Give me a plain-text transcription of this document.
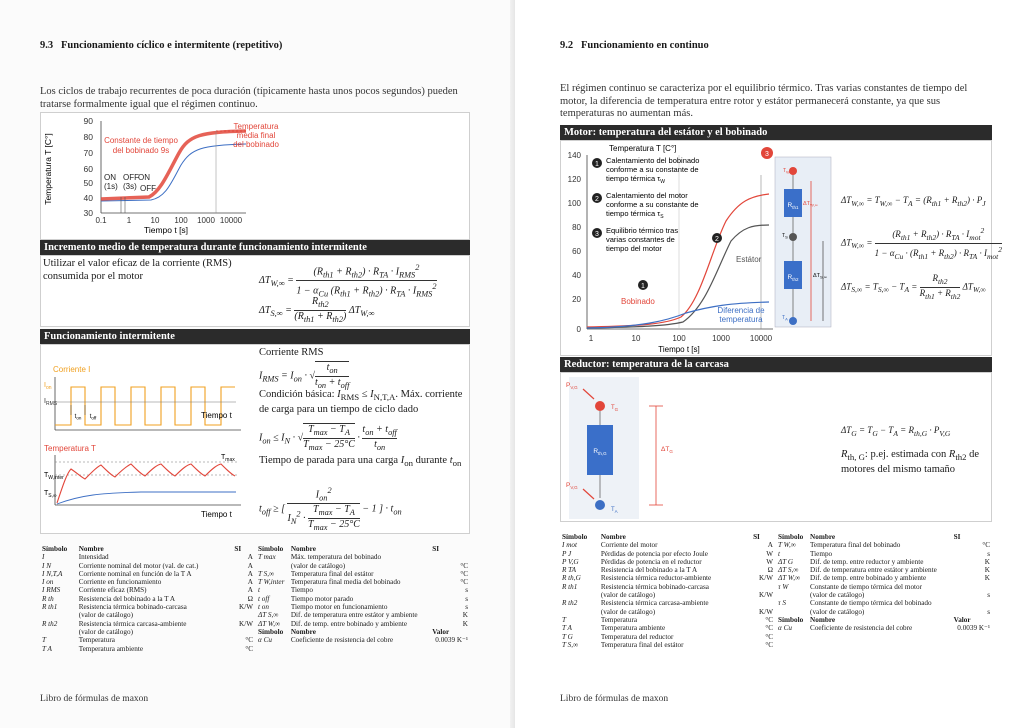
9.3 Funcionamiento cíclico e intermitente (repetitivo)
Los ciclos de trabajo recurrentes de poca duración (típicamente hasta unos pocos segundos) pueden tratarse formalmente igual que el régimen continuo.
Temperatura T [C°]
90
80
70
60
50
40
30
0.1	1 10 100 1000 10000
Tiempo t [s]
Constante de tiempo del bobinado 9s
Temperatura media final del bobinado
ON OFFON (1s) (3s) OFF
Incremento medio de temperatura durante funcionamiento intermitente
Utilizar el valor eficaz de la corriente (RMS) consumida por el motor	$\Delta T_{W,\infty} = \frac{(R_{th1} + R_{th2}) \cdot R_{TA} \cdot I_{RMS}^2}{1 - \alpha_{Cu} (R_{th1} + R_{th2}) \cdot R_{TA} \cdot I_{RMS}^2}$
$\Delta T_{S,\infty} = \frac{R_{th2}}{(R_{th1} + R_{th2})} \Delta T_{W,\infty}$
Funcionamiento intermitente
Corriente I
$I_{on}$
$I_{RMS}$
$t_{on}$ $t_{off}$	Tiempo t
Temperatura T
$T_{max}$
$T_{W,inter}$
$T_{S,\infty}$
Tiempo t
Corriente RMS
$I_{RMS} = I_{on}$ · √ $\frac{t_{on}}{t_{on} + t_{off}}$
Condición básica: $I_{RMS} \le I_{N,T,A}$. Máx. corriente de carga para un tiempo de ciclo dado
$I_{on} \le I_N$ · √ $\frac{T_{max} - T_A}{T_{max} - 25^\circ C} \cdot \frac{t_{on} + t_{off}}{t_{on}}$
Tiempo de parada para una carga $I_{on}$ durante $t_{on}$
$t_{off}$ ≥ [ $\frac{I_{on}^2}{I_N^2 \cdot \frac{T_{max} - T_A}{T_{max} - 25^\circ C}} - 1$ ] · $t_{on}$
Símbolo	Nombre	SI
I	Intensidad	A
I N	Corriente nominal del motor (val. de cat.)	A
I N,T,A	Corriente nominal en función de la T A	A
I on	Corriente en funcionamiento	A
I RMS	Corriente eficaz (RMS)	A
R th	Resistencia del bobinado a la T A	Ω
R th1	Resistencia térmica bobinado-carcasa	K/W
	(valor de catálogo)	
R th2	Resistencia térmica carcasa-ambiente	K/W
	(valor de catálogo)	
T	Temperatura	°C
T A	Temperatura ambiente	°C
Símbolo	Nombre	SI
T max	Máx. temperatura del bobinado	
	(valor de catálogo)	°C
T S,∞	Temperatura final del estátor	°C
T W,inter	Temperatura final media del bobinado	°C
t	Tiempo	s
t off	Tiempo motor parado	s
t on	Tiempo motor en funcionamiento	s
ΔT S,∞	Dif. de temperatura entre estátor y ambiente	K
ΔT W,∞	Dif. de temp. entre bobinado y ambiente	K
Símbolo	Nombre	Valor
α Cu	Coeficiente de resistencia del cobre	0.0039 K⁻¹
Libro de fórmulas de maxon
9.2 Funcionamiento en continuo
El régimen continuo se caracteriza por el equilibrio térmico. Tras varias constantes de tiempo del motor, la diferencia de temperatura entre rotor y estátor permanecerá constante, ya que sus temperaturas no aumentan más.
Motor: temperatura del estátor y el bobinado
Temperatura T [C°]
140
120
100
80
60
40
20
0
1	10	100	1000 10000
Tiempo t [s]
1 Calentamiento del bobinado conforme a su constante de tiempo térmica $\tau_W$
2 Calentamiento del motor conforme a su constante de tiempo térmica $\tau_S$
3 Equilibrio térmico tras varias constantes de tiempo del motor
1
2
3
Bobinado
Estátor
Diferencia de temperatura
$R_{th1}$
$R_{th2}$
$T_W$
$T_S$
$T_A$
$\Delta T_{W,\infty}$
$\Delta T_{S,\infty}$
$\Delta T_{W,\infty} = T_{W,\infty} - T_A = (R_{th1} + R_{th2}) \cdot P_J$
$\Delta T_{W,\infty} = \frac{(R_{th1} + R_{th2}) \cdot R_{TA} \cdot I_{mot}^2}{1 - \alpha_{Cu} \cdot (R_{th1} + R_{th2}) \cdot R_{TA} \cdot I_{mot}^2}$
$\Delta T_{S,\infty} = T_{S,\infty} - T_A = \frac{R_{th2}}{R_{th1} + R_{th2}} \Delta T_{W,\infty}$
Reductor: temperatura de la carcasa
$P_{V,G}$
$T_G$
$R_{th,G}$
$P_{V,G}$
$T_A$
$\Delta T_G$
$\Delta T_G = T_G - T_A = R_{th,G} \cdot P_{V,G}$
$R_{th, G}$: p.ej. estimada con $R_{th2}$ de motores del mismo tamaño
Símbolo	Nombre	SI
I mot	Corriente del motor	A
P J	Pérdidas de potencia por efecto Joule	W
P V,G	Pérdidas de potencia en el reductor	W
R TA	Resistencia del bobinado a la T A	Ω
R th,G	Resistencia térmica reductor-ambiente	K/W
R th1	Resistencia térmica bobinado-carcasa	
	(valor de catálogo)	K/W
R th2	Resistencia térmica carcasa-ambiente	
	(valor de catálogo)	K/W
T	Temperatura	°C
T A	Temperatura ambiente	°C
T G	Temperatura del reductor	°C
T S,∞	Temperatura final del estátor	°C
Símbolo	Nombre	SI
T W,∞	Temperatura final del bobinado	°C
t	Tiempo	s
ΔT G	Dif. de temp. entre reductor y ambiente	K
ΔT S,∞	Dif. de temperatura entre estátor y ambiente	K
ΔT W,∞	Dif. de temp. entre bobinado y ambiente	K
τ W	Constante de tiempo térmica del motor	
	(valor de catálogo)	s
τ S	Constante de tiempo térmica del bobinado	
	(valor de catálogo)	s
Símbolo	Nombre	Valor
α Cu	Coeficiente de resistencia del cobre	0.0039 K⁻¹
Libro de fórmulas de maxon
